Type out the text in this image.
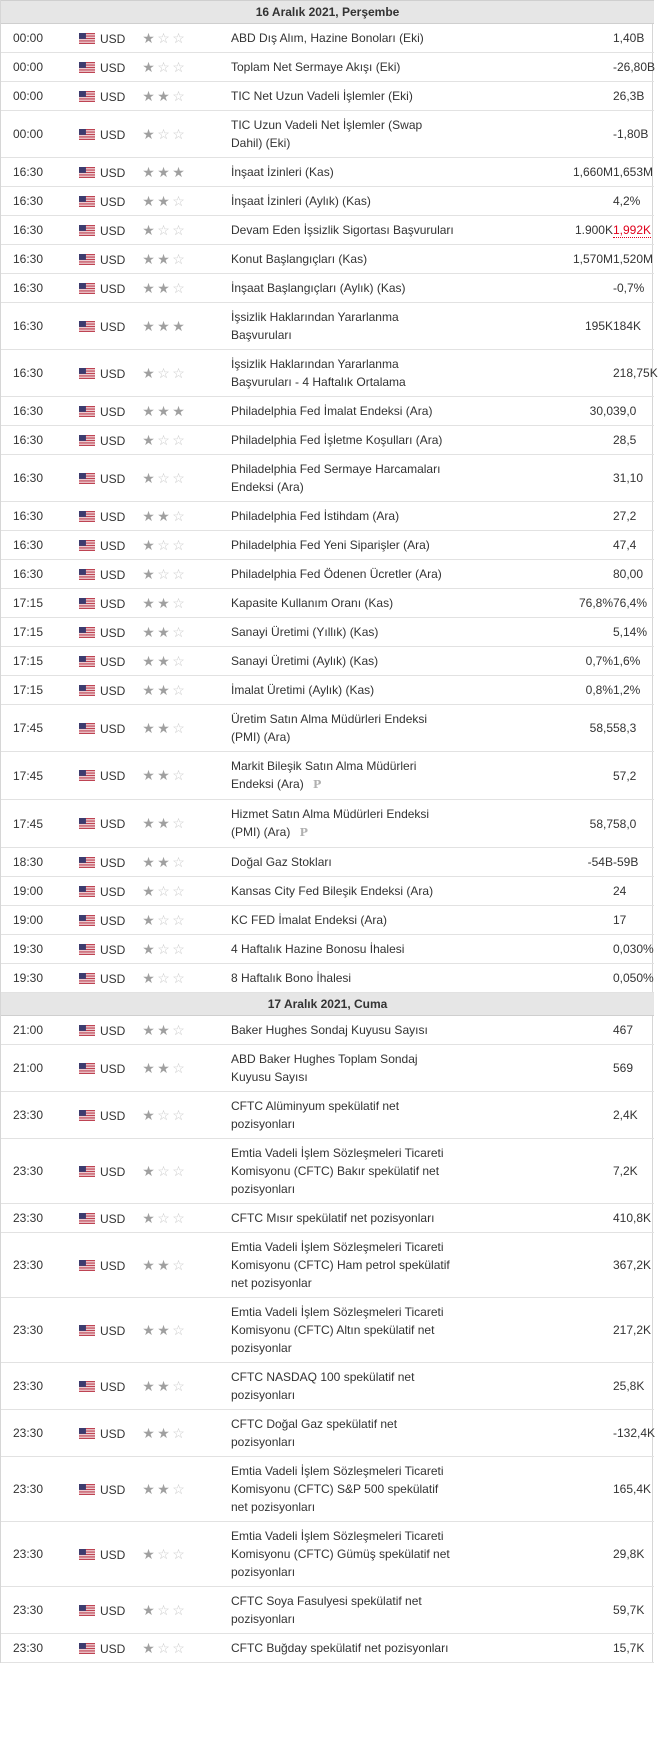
16 Aralık 2021, Perşembe						
00:00	USD	★ ☆ ☆	ABD Dış Alım, Hazine Bonoları (Eki)			1,40B
00:00	USD	★ ☆ ☆	Toplam Net Sermaye Akışı (Eki)			-26,80B
00:00	USD	★ ★ ☆	TIC Net Uzun Vadeli İşlemler (Eki)			26,3B
00:00	USD	★ ☆ ☆	TIC Uzun Vadeli Net İşlemler (Swap Dahil) (Eki)			-1,80B
16:30	USD	★ ★ ★	İnşaat İzinleri (Kas)		1,660M	1,653M
16:30	USD	★ ★ ☆	İnşaat İzinleri (Aylık) (Kas)			4,2%
16:30	USD	★ ☆ ☆	Devam Eden İşsizlik Sigortası Başvuruları		1.900K	1,992K
16:30	USD	★ ★ ☆	Konut Başlangıçları (Kas)		1,570M	1,520M
16:30	USD	★ ★ ☆	İnşaat Başlangıçları (Aylık) (Kas)			-0,7%
16:30	USD	★ ★ ★	İşsizlik Haklarından Yararlanma Başvuruları		195K	184K
16:30	USD	★ ☆ ☆	İşsizlik Haklarından Yararlanma Başvuruları - 4 Haftalık Ortalama			218,75K
16:30	USD	★ ★ ★	Philadelphia Fed İmalat Endeksi (Ara)		30,0	39,0
16:30	USD	★ ☆ ☆	Philadelphia Fed İşletme Koşulları (Ara)			28,5
16:30	USD	★ ☆ ☆	Philadelphia Fed Sermaye Harcamaları Endeksi (Ara)			31,10
16:30	USD	★ ★ ☆	Philadelphia Fed İstihdam (Ara)			27,2
16:30	USD	★ ☆ ☆	Philadelphia Fed Yeni Siparişler (Ara)			47,4
16:30	USD	★ ☆ ☆	Philadelphia Fed Ödenen Ücretler (Ara)			80,00
17:15	USD	★ ★ ☆	Kapasite Kullanım Oranı (Kas)		76,8%	76,4%
17:15	USD	★ ★ ☆	Sanayi Üretimi (Yıllık) (Kas)			5,14%
17:15	USD	★ ★ ☆	Sanayi Üretimi (Aylık) (Kas)		0,7%	1,6%
17:15	USD	★ ★ ☆	İmalat Üretimi (Aylık) (Kas)		0,8%	1,2%
17:45	USD	★ ★ ☆	Üretim Satın Alma Müdürleri Endeksi (PMI) (Ara)		58,5	58,3
17:45	USD	★ ★ ☆	Markit Bileşik Satın Alma Müdürleri Endeksi (Ara) P			57,2
17:45	USD	★ ★ ☆	Hizmet Satın Alma Müdürleri Endeksi (PMI) (Ara) P		58,7	58,0
18:30	USD	★ ★ ☆	Doğal Gaz Stokları		-54B	-59B
19:00	USD	★ ☆ ☆	Kansas City Fed Bileşik Endeksi (Ara)			24
19:00	USD	★ ☆ ☆	KC FED İmalat Endeksi (Ara)			17
19:30	USD	★ ☆ ☆	4 Haftalık Hazine Bonosu İhalesi			0,030%
19:30	USD	★ ☆ ☆	8 Haftalık Bono İhalesi			0,050%
17 Aralık 2021, Cuma						
21:00	USD	★ ★ ☆	Baker Hughes Sondaj Kuyusu Sayısı			467
21:00	USD	★ ★ ☆	ABD Baker Hughes Toplam Sondaj Kuyusu Sayısı			569
23:30	USD	★ ☆ ☆	CFTC Alüminyum spekülatif net pozisyonları			2,4K
23:30	USD	★ ☆ ☆	Emtia Vadeli İşlem Sözleşmeleri Ticareti Komisyonu (CFTC) Bakır spekülatif net pozisyonları			7,2K
23:30	USD	★ ☆ ☆	CFTC Mısır spekülatif net pozisyonları			410,8K
23:30	USD	★ ★ ☆	Emtia Vadeli İşlem Sözleşmeleri Ticareti Komisyonu (CFTC) Ham petrol spekülatif net pozisyonlar			367,2K
23:30	USD	★ ★ ☆	Emtia Vadeli İşlem Sözleşmeleri Ticareti Komisyonu (CFTC) Altın spekülatif net pozisyonlar			217,2K
23:30	USD	★ ★ ☆	CFTC NASDAQ 100 spekülatif net pozisyonları			25,8K
23:30	USD	★ ★ ☆	CFTC Doğal Gaz spekülatif net pozisyonları			-132,4K
23:30	USD	★ ★ ☆	Emtia Vadeli İşlem Sözleşmeleri Ticareti Komisyonu (CFTC) S&P 500 spekülatif net pozisyonları			165,4K
23:30	USD	★ ☆ ☆	Emtia Vadeli İşlem Sözleşmeleri Ticareti Komisyonu (CFTC) Gümüş spekülatif net pozisyonları			29,8K
23:30	USD	★ ☆ ☆	CFTC Soya Fasulyesi spekülatif net pozisyonları			59,7K
23:30	USD	★ ☆ ☆	CFTC Buğday spekülatif net pozisyonları			15,7K
